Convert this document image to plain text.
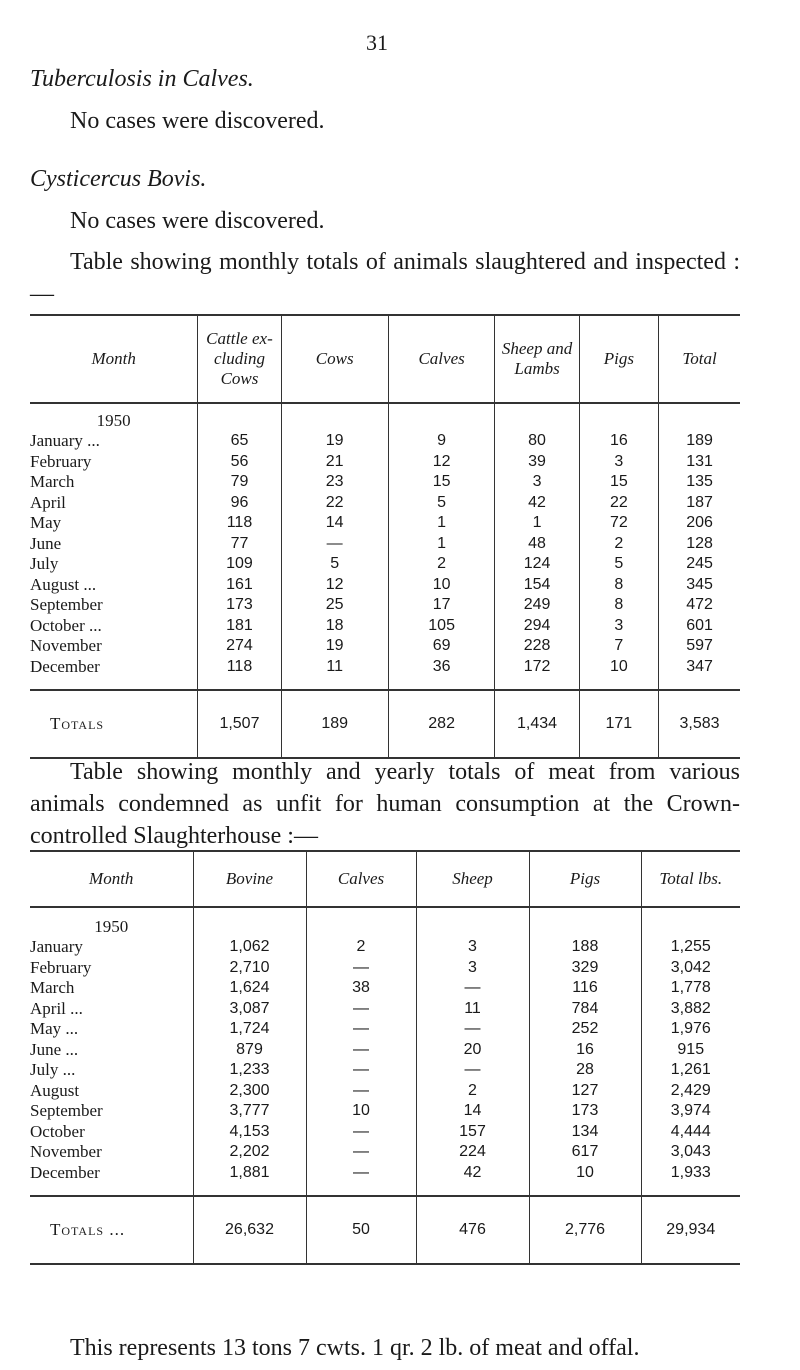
31
Tuberculosis in Calves.
No cases were discovered.
Cysticercus Bovis.
No cases were discovered.
Table showing monthly totals of animals slaughtered and inspected :—
Month	Cattle ex- cluding Cows	Cows	Calves	Sheep and Lambs	Pigs	Total
1950						
January ...	65	19	9	80	16	189
February	56	21	12	39	3	131
March	79	23	15	3	15	135
April	96	22	5	42	22	187
May	118	14	1	1	72	206
June	77	—	1	48	2	128
July	109	5	2	124	5	245
August ...	161	12	10	154	8	345
September	173	25	17	249	8	472
October ...	181	18	105	294	3	601
November	274	19	69	228	7	597
December	118	11	36	172	10	347

Totals	1,507	189	282	1,434	171	3,583
Table showing monthly and yearly totals of meat from various animals condemned as unfit for human consumption at the Crown-controlled Slaughterhouse :—
Month	Bovine	Calves	Sheep	Pigs	Total lbs.
1950					
January	1,062	2	3	188	1,255
February	2,710	—	3	329	3,042
March	1,624	38	—	116	1,778
April ...	3,087	—	11	784	3,882
May ...	1,724	—	—	252	1,976
June ...	879	—	20	16	915
July ...	1,233	—	—	28	1,261
August	2,300	—	2	127	2,429
September	3,777	10	14	173	3,974
October	4,153	—	157	134	4,444
November	2,202	—	224	617	3,043
December	1,881	—	42	10	1,933

Totals ...	26,632	50	476	2,776	29,934
This represents 13 tons 7 cwts. 1 qr. 2 lb. of meat and offal.
